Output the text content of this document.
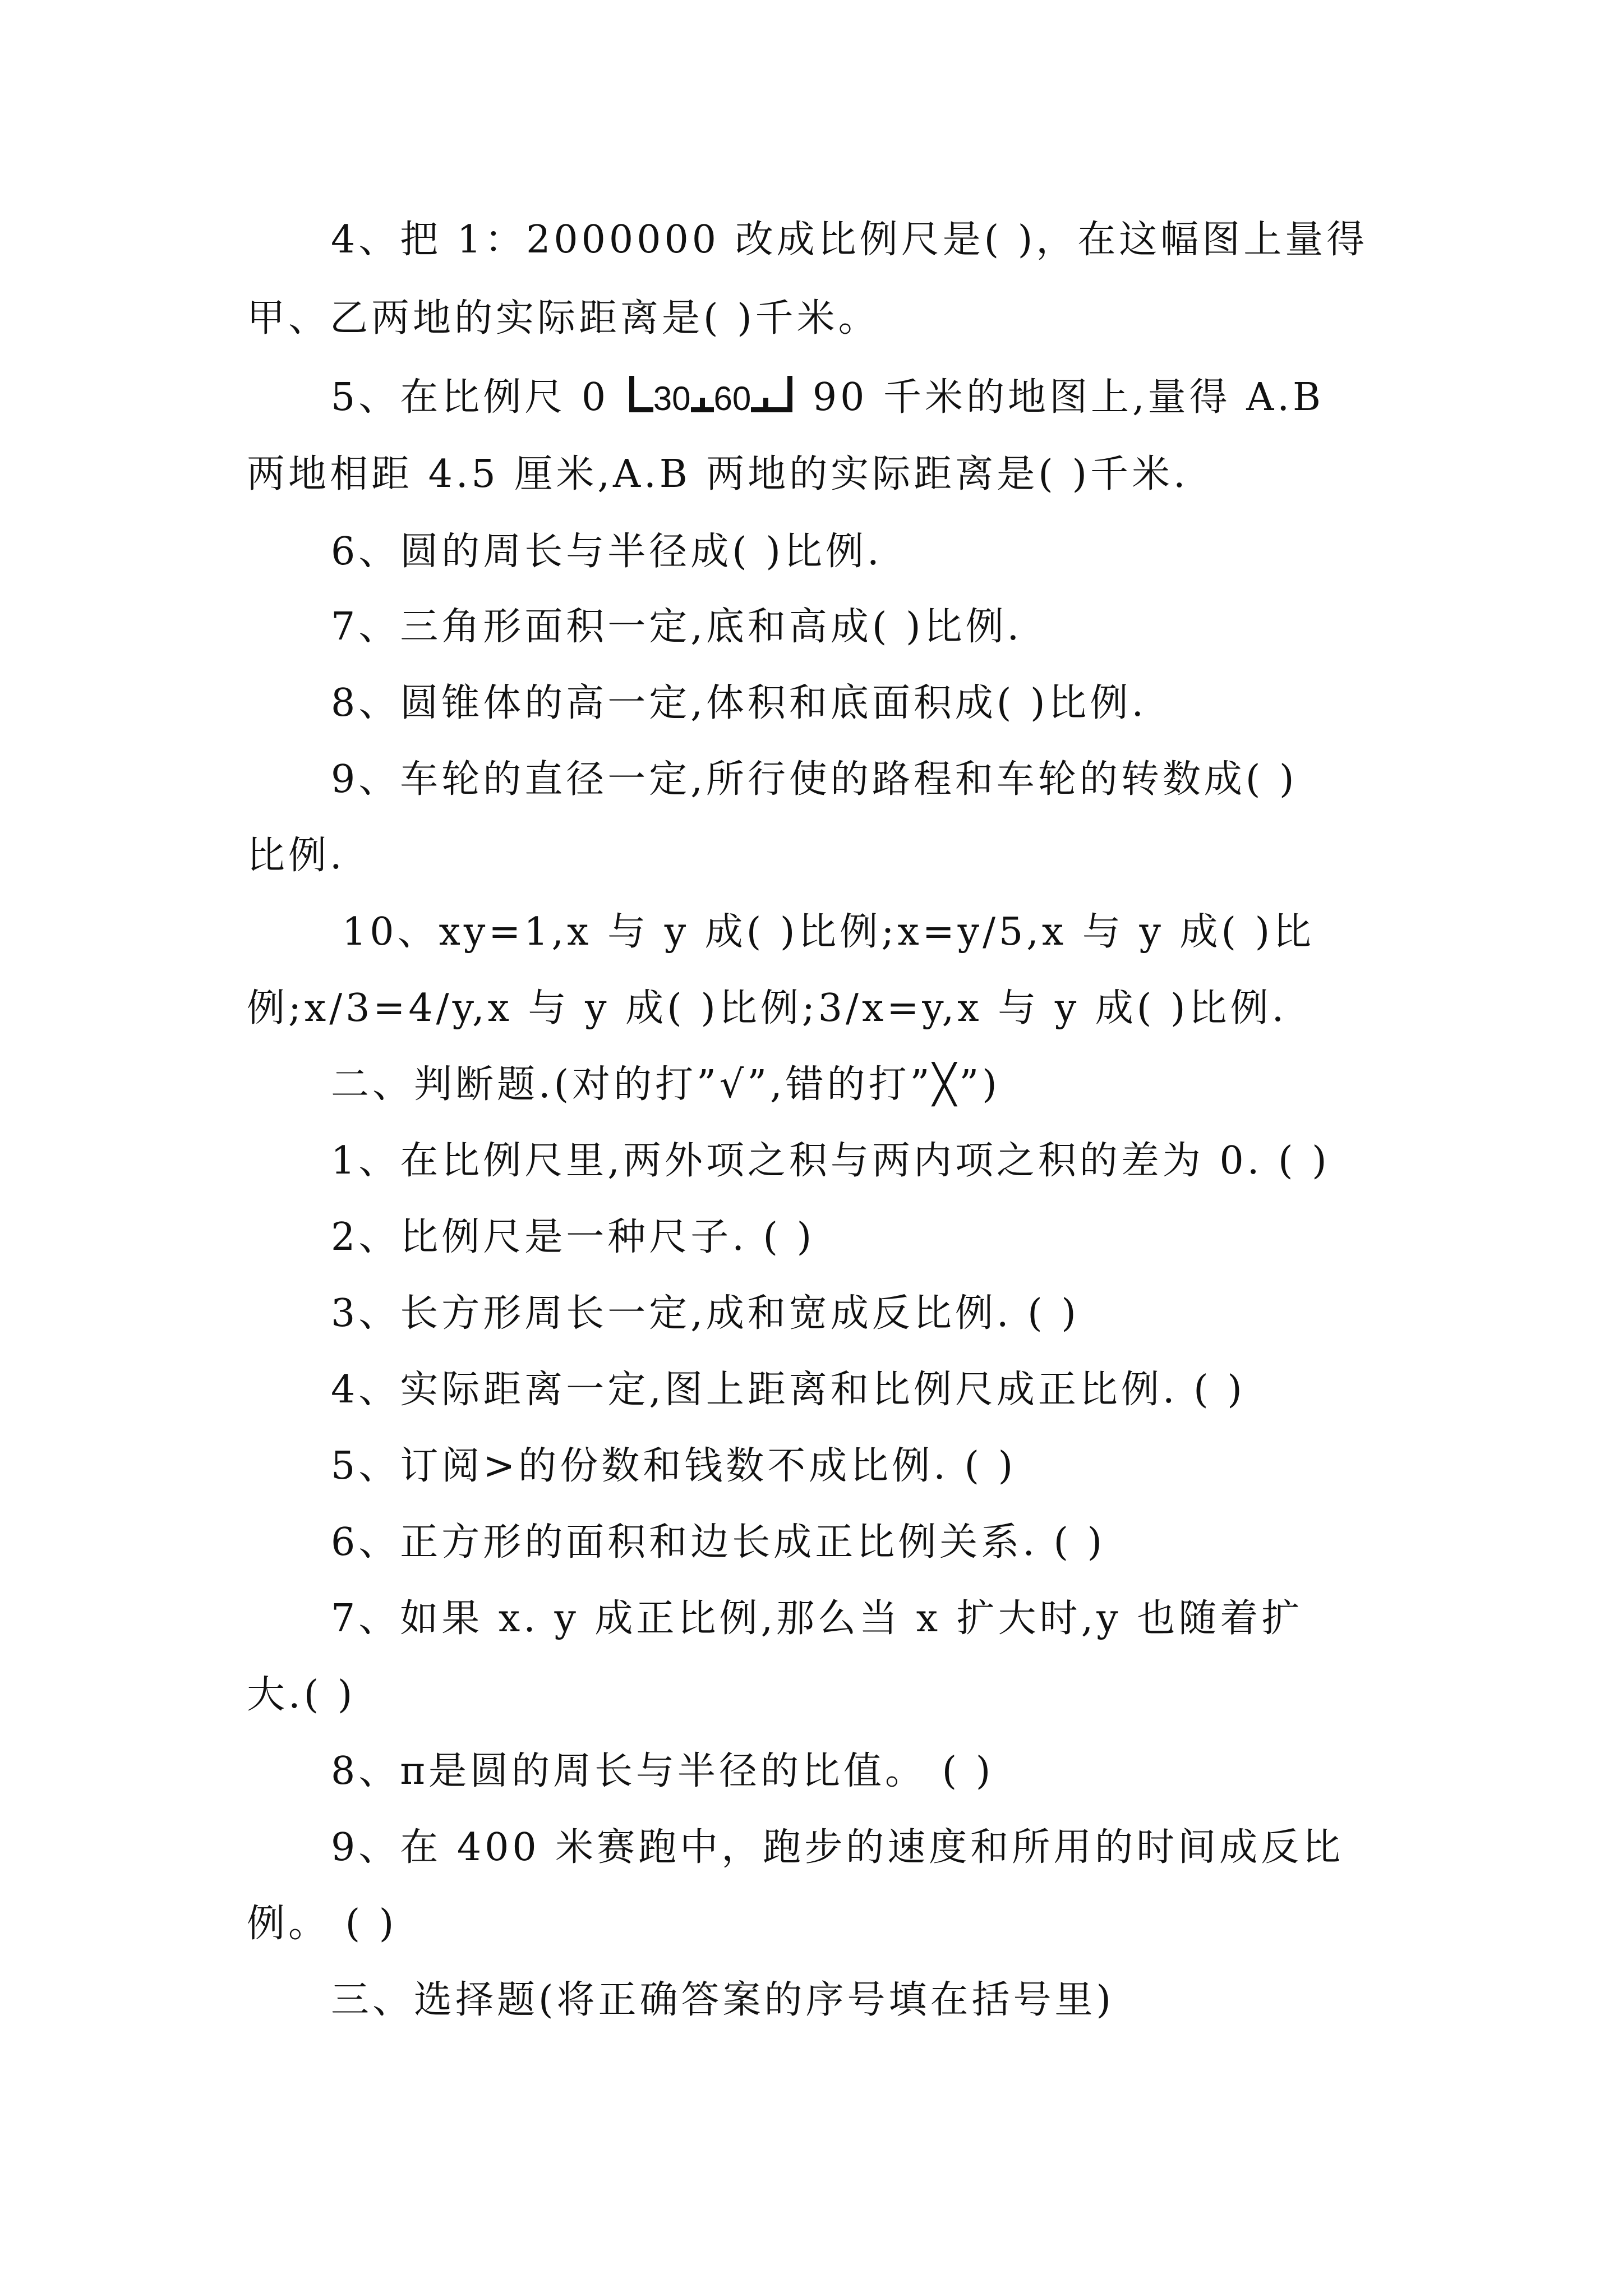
4、把 1：2000000 改成比例尺是( )，在这幅图上量得
甲、乙两地的实际距离是( )千米。
5、在比例尺 0 30 60 90 千米的地图上,量得 A.B
两地相距 4.5 厘米,A.B 两地的实际距离是( )千米.
6、圆的周长与半径成( )比例.
7、三角形面积一定,底和高成( )比例.
8、圆锥体的高一定,体积和底面积成( )比例.
9、车轮的直径一定,所行使的路程和车轮的转数成( )
比例.
10、xy=1,x 与 y 成( )比例;x=y/5,x 与 y 成( )比
例;x/3=4/y,x 与 y 成( )比例;3/x=y,x 与 y 成( )比例.
二、判断题.(对的打”√”,错的打”╳”)
1、在比例尺里,两外项之积与两内项之积的差为 0. ( )
2、比例尺是一种尺子. ( )
3、长方形周长一定,成和宽成反比例. ( )
4、实际距离一定,图上距离和比例尺成正比例. ( )
5、订阅>的份数和钱数不成比例. ( )
6、正方形的面积和边长成正比例关系. ( )
7、如果 x. y 成正比例,那么当 x 扩大时,y 也随着扩
大.( )
8、π是圆的周长与半径的比值。 ( )
9、在 400 米赛跑中，跑步的速度和所用的时间成反比
例。 ( )
三、选择题(将正确答案的序号填在括号里)
